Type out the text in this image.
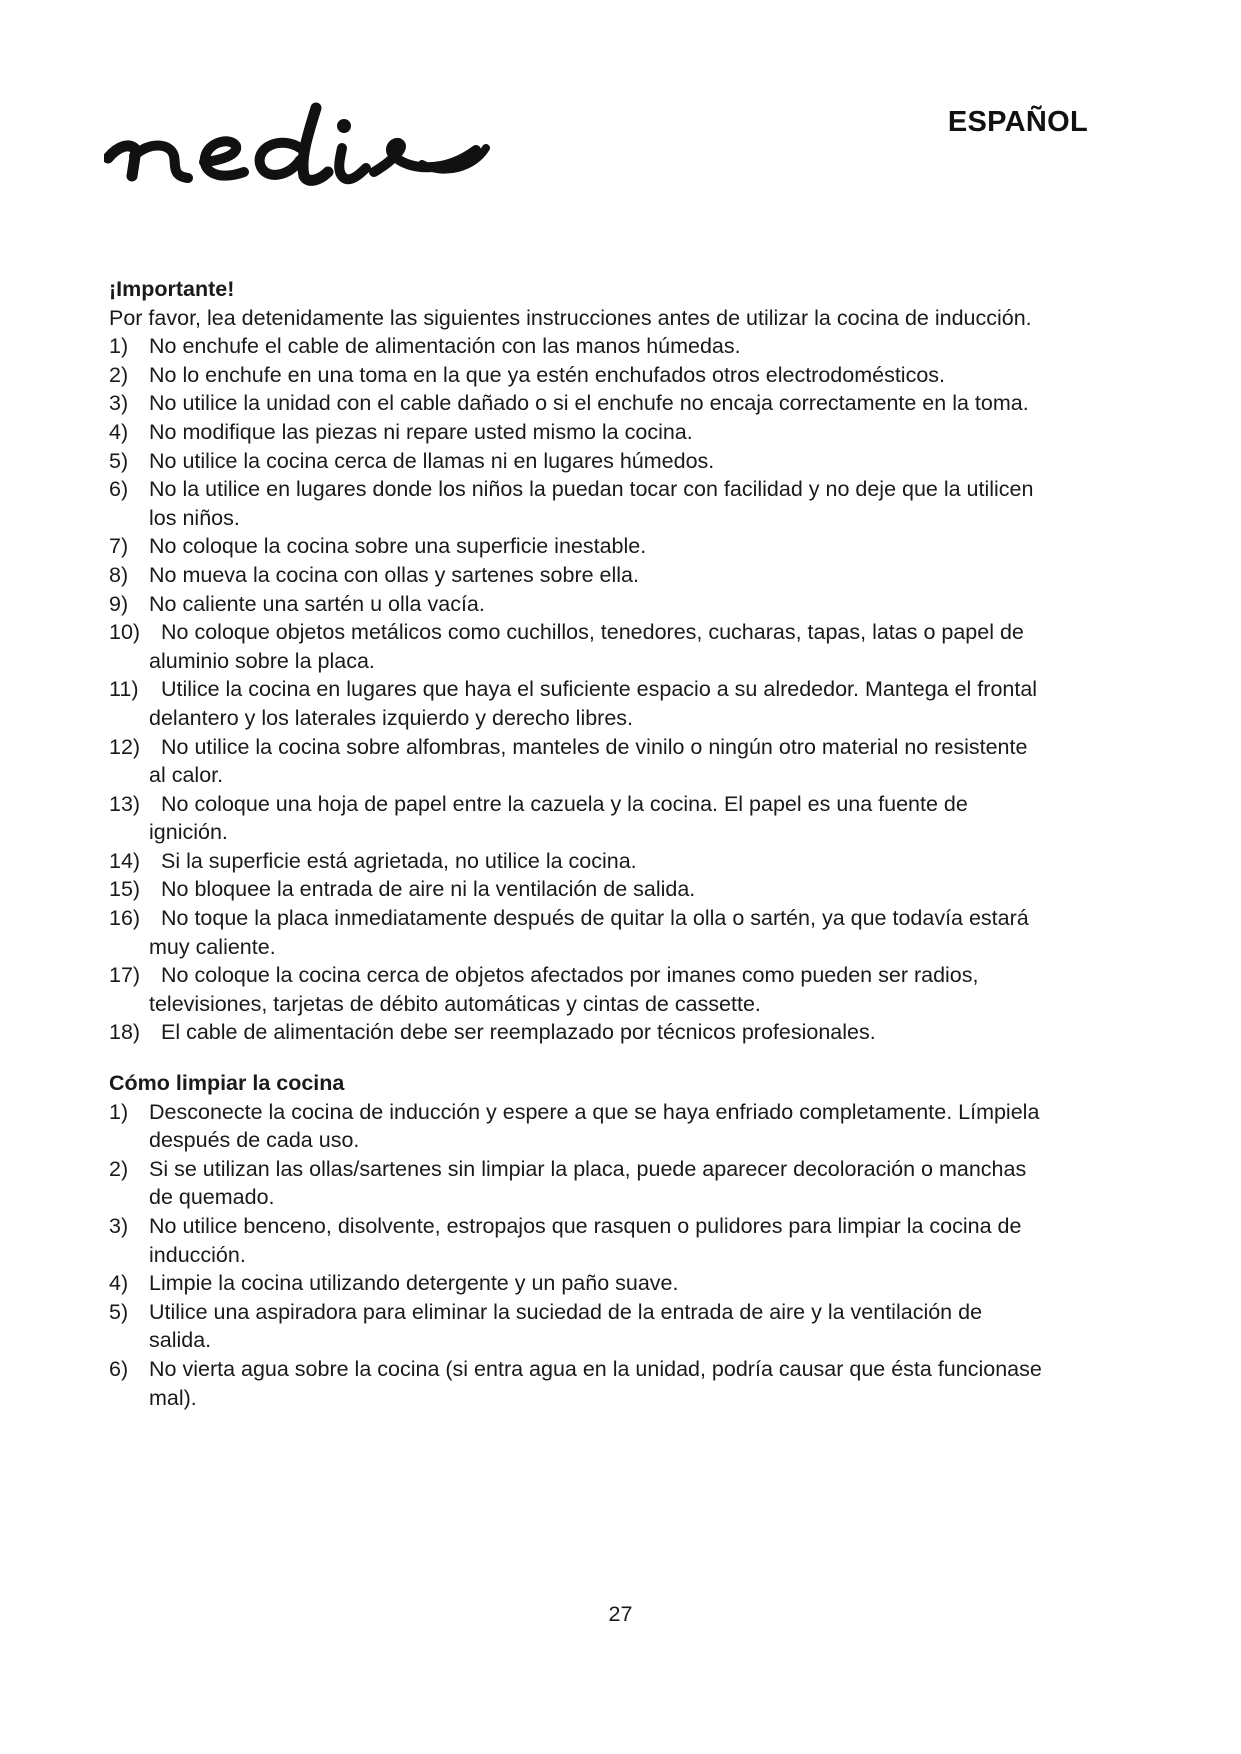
ESPAÑOL

¡Importante!

Por favor, lea detenidamente las siguientes instrucciones antes de utilizar la cocina de inducción.

1) No enchufe el cable de alimentación con las manos húmedas.
2) No lo enchufe en una toma en la que ya estén enchufados otros electrodomésticos.
3) No utilice la unidad con el cable dañado o si el enchufe no encaja correctamente en la toma.
4) No modifique las piezas ni repare usted mismo la cocina.
5) No utilice la cocina cerca de llamas ni en lugares húmedos.
6) No la utilice en lugares donde los niños la puedan tocar con facilidad y no deje que la utilicen los niños.
7) No coloque la cocina sobre una superficie inestable.
8) No mueva la cocina con ollas y sartenes sobre ella.
9) No caliente una sartén u olla vacía.
10) No coloque objetos metálicos como cuchillos, tenedores, cucharas, tapas, latas o papel de aluminio sobre la placa.
11) Utilice la cocina en lugares que haya el suficiente espacio a su alrededor. Mantega el frontal delantero y los laterales izquierdo y derecho libres.
12) No utilice la cocina sobre alfombras, manteles de vinilo o ningún otro material no resistente al calor.
13) No coloque una hoja de papel entre la cazuela y la cocina. El papel es una fuente de ignición.
14) Si la superficie está agrietada, no utilice la cocina.
15) No bloquee la entrada de aire ni la ventilación de salida.
16) No toque la placa inmediatamente después de quitar la olla o sartén, ya que todavía estará muy caliente.
17) No coloque la cocina cerca de objetos afectados por imanes como pueden ser radios, televisiones, tarjetas de débito automáticas y cintas de cassette.
18) El cable de alimentación debe ser reemplazado por técnicos profesionales.

Cómo limpiar la cocina

1) Desconecte la cocina de inducción y espere a que se haya enfriado completamente. Límpiela después de cada uso.
2) Si se utilizan las ollas/sartenes sin limpiar la placa, puede aparecer decoloración o manchas de quemado.
3) No utilice benceno, disolvente, estropajos que rasquen o pulidores para limpiar la cocina de inducción.
4) Limpie la cocina utilizando detergente y un paño suave.
5) Utilice una aspiradora para eliminar la suciedad de la entrada de aire y la ventilación de salida.
6) No vierta agua sobre la cocina (si entra agua en la unidad, podría causar que ésta funcionase mal).
27
